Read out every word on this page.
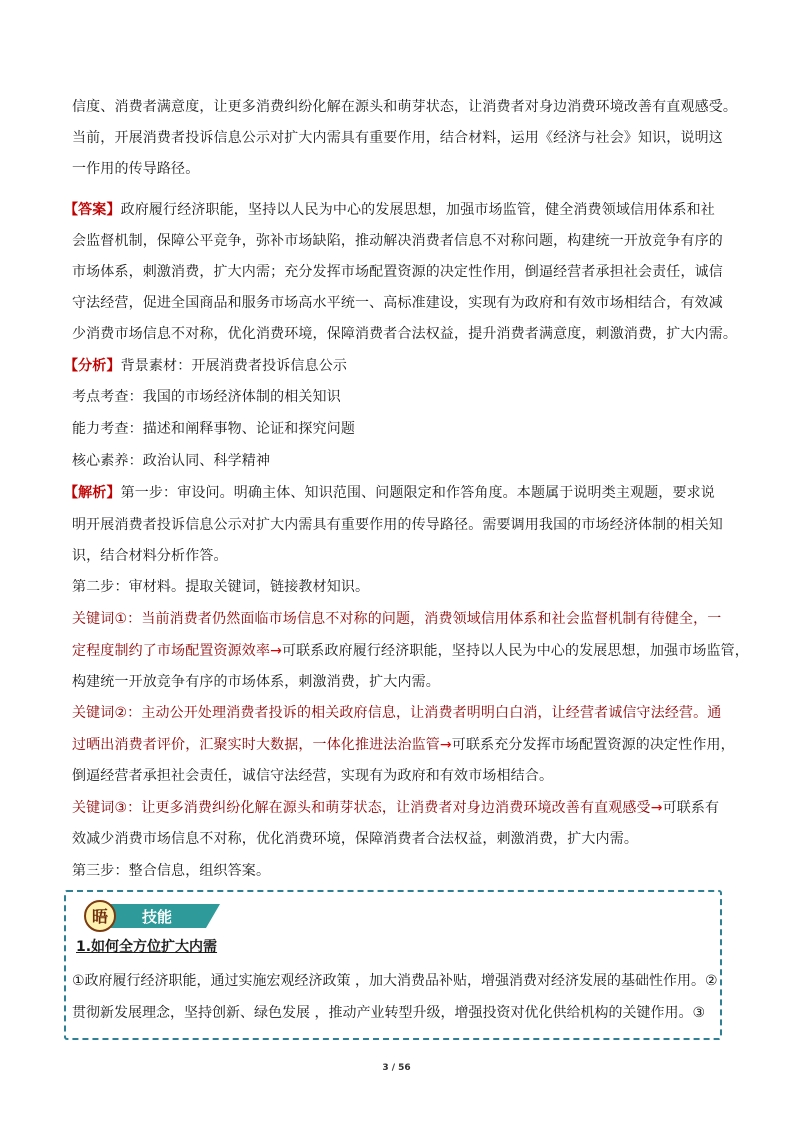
信度、消费者满意度，让更多消费纠纷化解在源头和萌芽状态，让消费者对身边消费环境改善有直观感受。
当前，开展消费者投诉信息公示对扩大内需具有重要作用，结合材料，运用《经济与社会》知识，说明这
一作用的传导路径。
【答案】政府履行经济职能，坚持以人民为中心的发展思想，加强市场监管，健全消费领域信用体系和社
会监督机制，保障公平竞争，弥补市场缺陷，推动解决消费者信息不对称问题，构建统一开放竞争有序的
市场体系，刺激消费，扩大内需；充分发挥市场配置资源的决定性作用，倒逼经营者承担社会责任，诚信
守法经营，促进全国商品和服务市场高水平统一、高标准建设，实现有为政府和有效市场相结合，有效减
少消费市场信息不对称，优化消费环境，保障消费者合法权益，提升消费者满意度，刺激消费，扩大内需。
【分析】背景素材：开展消费者投诉信息公示
考点考查：我国的市场经济体制的相关知识
能力考查：描述和阐释事物、论证和探究问题
核心素养：政治认同、科学精神
【解析】第一步：审设问。明确主体、知识范围、问题限定和作答角度。本题属于说明类主观题，要求说
明开展消费者投诉信息公示对扩大内需具有重要作用的传导路径。需要调用我国的市场经济体制的相关知
识，结合材料分析作答。
第二步：审材料。提取关键词，链接教材知识。
关键词①：当前消费者仍然面临市场信息不对称的问题，消费领域信用体系和社会监督机制有待健全，一
定程度制约了市场配置资源效率→可联系政府履行经济职能，坚持以人民为中心的发展思想，加强市场监管，
构建统一开放竞争有序的市场体系，刺激消费，扩大内需。
关键词②：主动公开处理消费者投诉的相关政府信息，让消费者明明白白消，让经营者诚信守法经营。通
过晒出消费者评价，汇聚实时大数据，一体化推进法治监管→可联系充分发挥市场配置资源的决定性作用，
倒逼经营者承担社会责任，诚信守法经营，实现有为政府和有效市场相结合。
关键词③：让更多消费纠纷化解在源头和萌芽状态，让消费者对身边消费环境改善有直观感受→可联系有
效减少消费市场信息不对称，优化消费环境，保障消费者合法权益，刺激消费，扩大内需。
第三步：整合信息，组织答案。
晤 技能
1.如何全方位扩大内需
①政府履行经济职能，通过实施宏观经济政策 ，加大消费品补贴，增强消费对经济发展的基础性作用。②
贯彻新发展理念，坚持创新、绿色发展 ，推动产业转型升级，增强投资对优化供给机构的关键作用。③
3 / 56
